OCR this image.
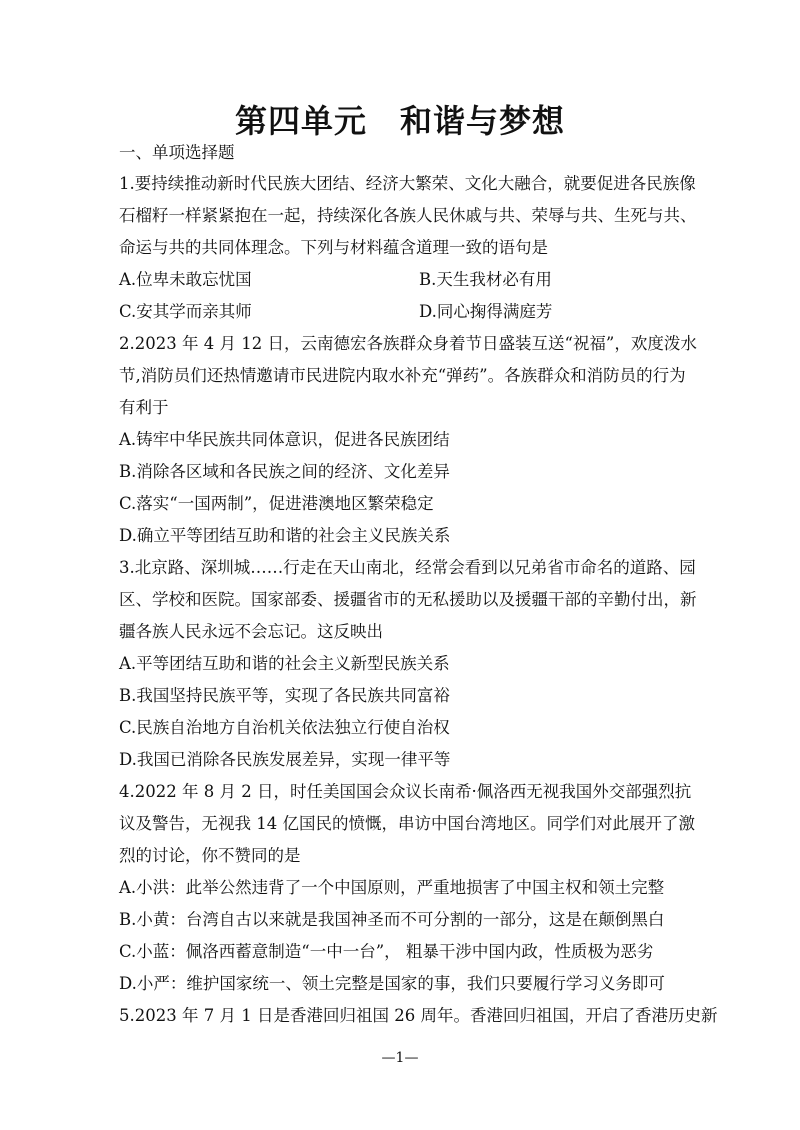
第四单元　和谐与梦想
一、单项选择题
1.要持续推动新时代民族大团结、经济大繁荣、文化大融合，就要促进各民族像
石榴籽一样紧紧抱在一起，持续深化各族人民休戚与共、荣辱与共、生死与共、
命运与共的共同体理念。下列与材料蕴含道理一致的语句是
A.位卑未敢忘忧国	B.天生我材必有用
C.安其学而亲其师	D.同心掬得满庭芳
2.2023 年 4 月 12 日，云南德宏各族群众身着节日盛装互送“祝福”，欢度泼水
节,消防员们还热情邀请市民进院内取水补充“弹药”。各族群众和消防员的行为
有利于
A.铸牢中华民族共同体意识，促进各民族团结
B.消除各区域和各民族之间的经济、文化差异
C.落实“一国两制”，促进港澳地区繁荣稳定
D.确立平等团结互助和谐的社会主义民族关系
3.北京路、深圳城……行走在天山南北，经常会看到以兄弟省市命名的道路、园
区、学校和医院。国家部委、援疆省市的无私援助以及援疆干部的辛勤付出，新
疆各族人民永远不会忘记。这反映出
A.平等团结互助和谐的社会主义新型民族关系
B.我国坚持民族平等，实现了各民族共同富裕
C.民族自治地方自治机关依法独立行使自治权
D.我国已消除各民族发展差异，实现一律平等
4.2022 年 8 月 2 日，时任美国国会众议长南希·佩洛西无视我国外交部强烈抗
议及警告，无视我 14 亿国民的愤慨，串访中国台湾地区。同学们对此展开了激
烈的讨论，你不赞同的是
A.小洪：此举公然违背了一个中国原则，严重地损害了中国主权和领土完整
B.小黄：台湾自古以来就是我国神圣而不可分割的一部分，这是在颠倒黑白
C.小蓝：佩洛西蓄意制造“一中一台”， 粗暴干涉中国内政，性质极为恶劣
D.小严：维护国家统一、领土完整是国家的事，我们只要履行学习义务即可
5.2023 年 7 月 1 日是香港回归祖国 26 周年。香港回归祖国，开启了香港历史新
—1—
